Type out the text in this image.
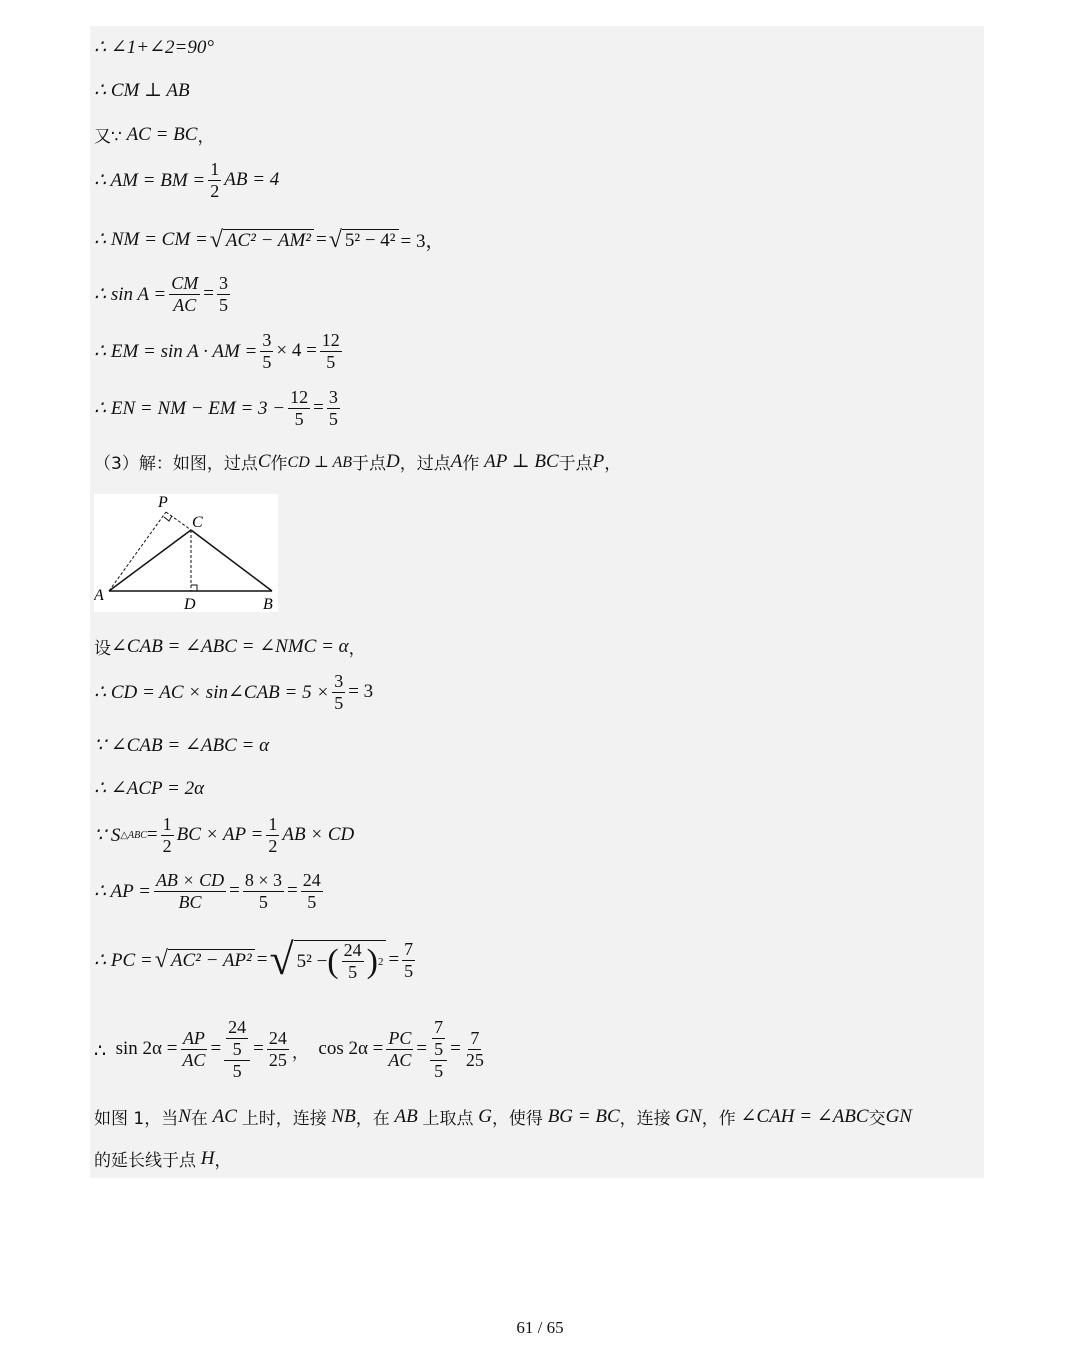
∴ ∠1+∠2=90°
∴ CM ⊥ AB
又∵
AC = BC ，
∴ AM = BM = $\frac{1}{2}$ AB = 4
∴ NM = CM = √ AC² − AM² = √ 5² − 4² = 3，
∴ $\sin A = \frac{CM}{AC} = \frac{3}{5}$
∴ EM = sin A · AM = $\frac{3}{5} \times 4 = \frac{12}{5}$
∴ EN = NM − EM = $3 - \frac{12}{5} = \frac{3}{5}$
（3）解：如图，过点 C 作 CD ⊥ AB 于点 D ，过点 A 作
AP ⊥ BC 于点 P ，
P
C
A
D	B
设 ∠CAB = ∠ABC = ∠NMC = α ，
∴ CD = AC × sin∠CAB = $5 \times \frac{3}{5} = 3$
∵ ∠CAB = ∠ABC = α
∴ ∠ACP = 2α
∵ S △ABC = $\frac{1}{2}$ BC × AP = $\frac{1}{2}$ AB × CD
∴ AP = $\frac{AB \times CD}{BC} = \frac{8 \times 3}{5} = \frac{24}{5}$
∴ PC = √ AC² − AP² = √ 5² − ( $\frac{24}{5}$ ) $2 = \frac{7}{5}$
∴
$\sin 2\alpha = \frac{AP}{AC} = \frac{\frac{24}{5}}{5} = \frac{24}{25}$ ，
$\cos 2\alpha = \frac{PC}{AC} = \frac{\frac{7}{5}}{5} = \frac{7}{25}$
如图 1，当 N 在
AC
上时，连接
NB ，在
AB
上取点
G ，使得
BG = BC ，连接
GN ，作
∠CAH = ∠ABC 交 GN
的延长线于点
H ，
61 / 65
